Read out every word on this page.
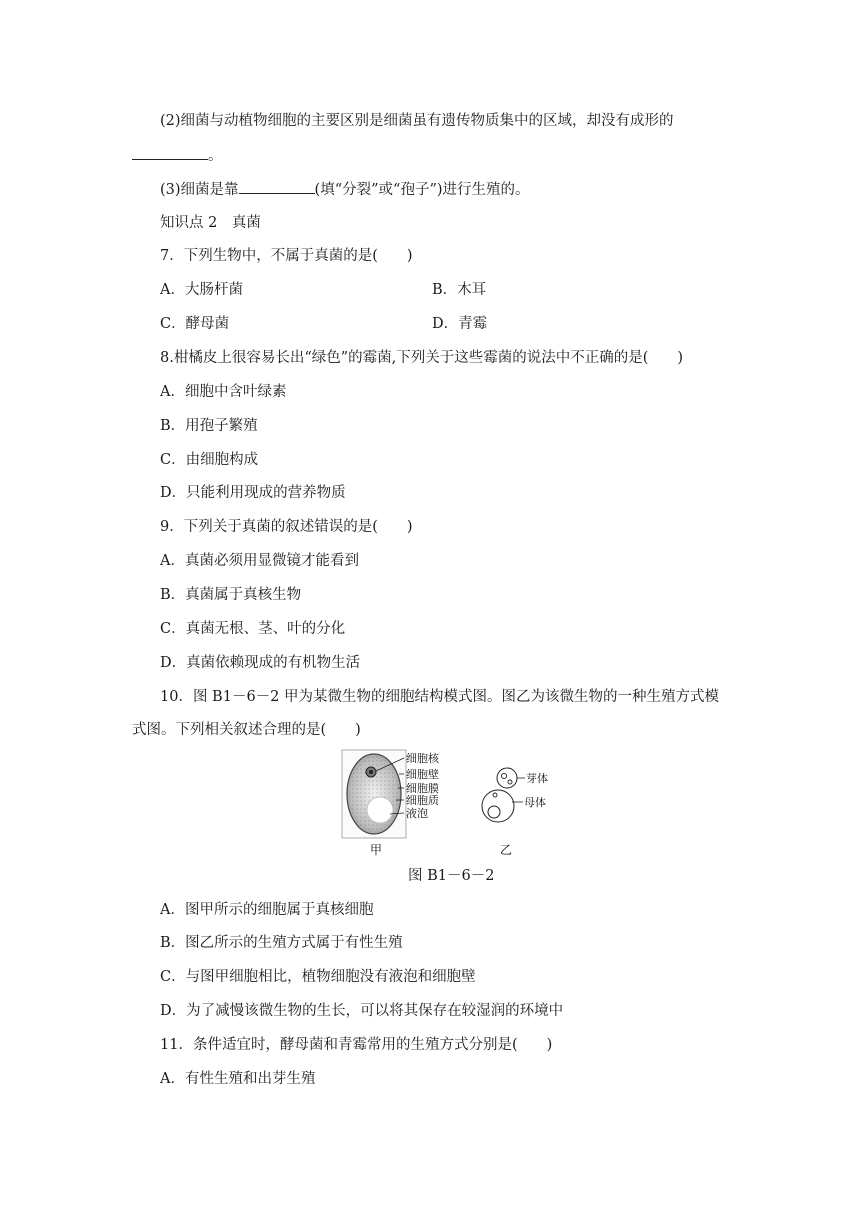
(2)细菌与动植物细胞的主要区别是细菌虽有遗传物质集中的区域，却没有成形的
。
(3)细菌是靠	(填“分裂”或“孢子”)进行生殖的。
知识点 2　真菌
7．下列生物中，不属于真菌的是(　　)
A．大肠杆菌	B．木耳
C．酵母菌	D．青霉
8.柑橘皮上很容易长出“绿色”的霉菌,下列关于这些霉菌的说法中不正确的是(　　)
A．细胞中含叶绿素
B．用孢子繁殖
C．由细胞构成
D．只能利用现成的营养物质
9．下列关于真菌的叙述错误的是(　　)
A．真菌必须用显微镜才能看到
B．真菌属于真核生物
C．真菌无根、茎、叶的分化
D．真菌依赖现成的有机物生活
10．图 B1－6－2 甲为某微生物的细胞结构模式图。图乙为该微生物的一种生殖方式模
式图。下列相关叙述合理的是(　　)
细胞核
细胞壁
细胞膜
细胞质
液泡
芽体
母体
甲	乙
图 B1－6－2
A．图甲所示的细胞属于真核细胞
B．图乙所示的生殖方式属于有性生殖
C．与图甲细胞相比，植物细胞没有液泡和细胞壁
D．为了减慢该微生物的生长，可以将其保存在较湿润的环境中
11．条件适宜时，酵母菌和青霉常用的生殖方式分别是(　　)
A．有性生殖和出芽生殖
